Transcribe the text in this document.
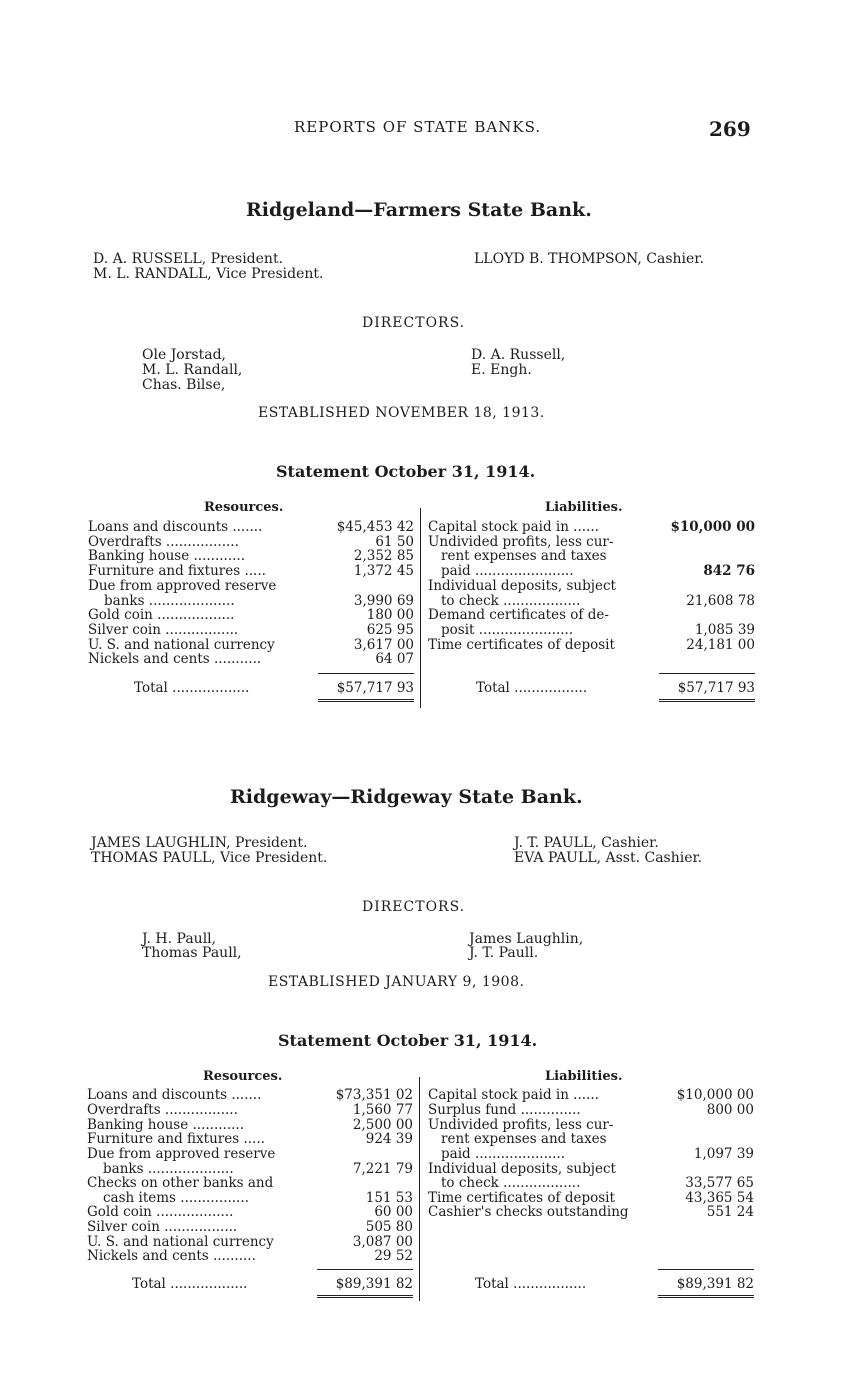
REPORTS OF STATE BANKS.	269
Ridgeland—Farmers State Bank.
D. A. RUSSELL, President.
M. L. RANDALL, Vice President.
LLOYD B. THOMPSON, Cashier.
DIRECTORS.
Ole Jorstad,
M. L. Randall,
Chas. Bilse,
D. A. Russell,
E. Engh.
ESTABLISHED NOVEMBER 18, 1913.
Statement October 31, 1914.
Resources.	Liabilities.
Loans and discounts .......	$45,453 42
Overdrafts .................	61 50
Banking house ............	2,352 85
Furniture and fixtures .....	1,372 45
Due from approved reserve
banks ....................	3,990 69
Gold coin ..................	180 00
Silver coin .................	625 95
U. S. and national currency	3,617 00
Nickels and cents ...........	64 07
Total ..................	$57,717 93
Capital stock paid in ......	$10,000 00
Undivided profits, less cur-
rent expenses and taxes
paid .......................	842 76
Individual deposits, subject
to check ..................	21,608 78
Demand certificates of de-
posit ......................	1,085 39
Time certificates of deposit	24,181 00
Total .................	$57,717 93
Ridgeway—Ridgeway State Bank.
JAMES LAUGHLIN, President.
THOMAS PAULL, Vice President.
J. T. PAULL, Cashier.
EVA PAULL, Asst. Cashier.
DIRECTORS.
J. H. Paull,
Thomas Paull,
James Laughlin,
J. T. Paull.
ESTABLISHED JANUARY 9, 1908.
Statement October 31, 1914.
Resources.	Liabilities.
Loans and discounts .......	$73,351 02
Overdrafts .................	1,560 77
Banking house ............	2,500 00
Furniture and fixtures .....	924 39
Due from approved reserve
banks ....................	7,221 79
Checks on other banks and
cash items ................	151 53
Gold coin ..................	60 00
Silver coin .................	505 80
U. S. and national currency	3,087 00
Nickels and cents ..........	29 52
Total ..................	$89,391 82
Capital stock paid in ......	$10,000 00
Surplus fund ..............	800 00
Undivided profits, less cur-
rent expenses and taxes
paid .....................	1,097 39
Individual deposits, subject
to check ..................	33,577 65
Time certificates of deposit	43,365 54
Cashier's checks outstanding	551 24
Total .................	$89,391 82
